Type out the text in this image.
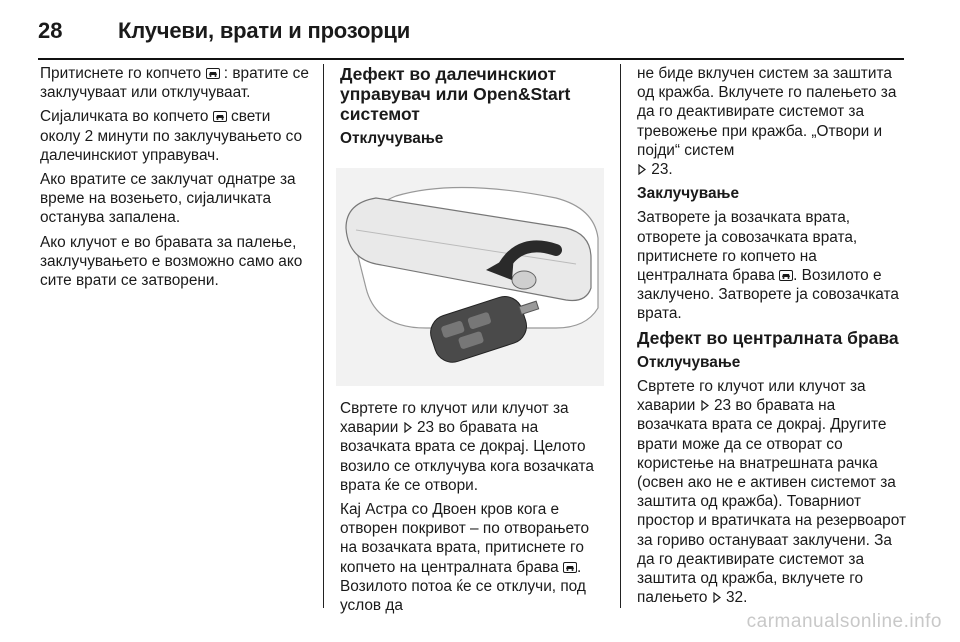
28	Клучеви, врати и прозорци

Притиснете го копчето : вратите се заклучуваат или отклучуваат.

Сијаличката во копчето  свети околу 2 минути по заклучувањето со далечинскиот управувач.

Ако вратите се заклучат однатре за време на возењето, сијаличката останува запалена.

Ако клучот е во бравата за палење, заклучувањето е возможно само ако сите врати се затворени.

Дефект во далечинскиот управувач или Open&Start системот

Отклучување

Свртете го клучот или клучот за хаварии  23 во бравата на возачката врата се докрај. Целото возило се отклучува кога возачката врата ќе се отвори.

Кај Астра со Двоен кров кога е отворен покривот – по отворањето на возачката врата, притиснете го копчето на централната брава . Возилото потоа ќе се отклучи, под услов да

не биде вклучен систем за заштита од кражба. Вклучете го палењето за да го деактивирате системот за тревожење при кражба. „Отвори и појди“ систем
23.

Заклучување

Затворете ја возачката врата, отворете ја совозачката врата, притиснете го копчето на централната брава . Возилото е заклучено. Затворете ја совозачката врата.

Дефект во централната брава

Отклучување

Свртете го клучот или клучот за хаварии  23 во бравата на возачката врата се докрај. Другите врати може да се отворат со користење на внатрешната рачка (освен ако не е активен системот за заштита од кражба). Товарниот простор и вратичката на резервоарот за гориво остануваат заклучени. За да го деактивирате системот за заштита од кражба, вклучете го палењето  32.

carmanualsonline.info
